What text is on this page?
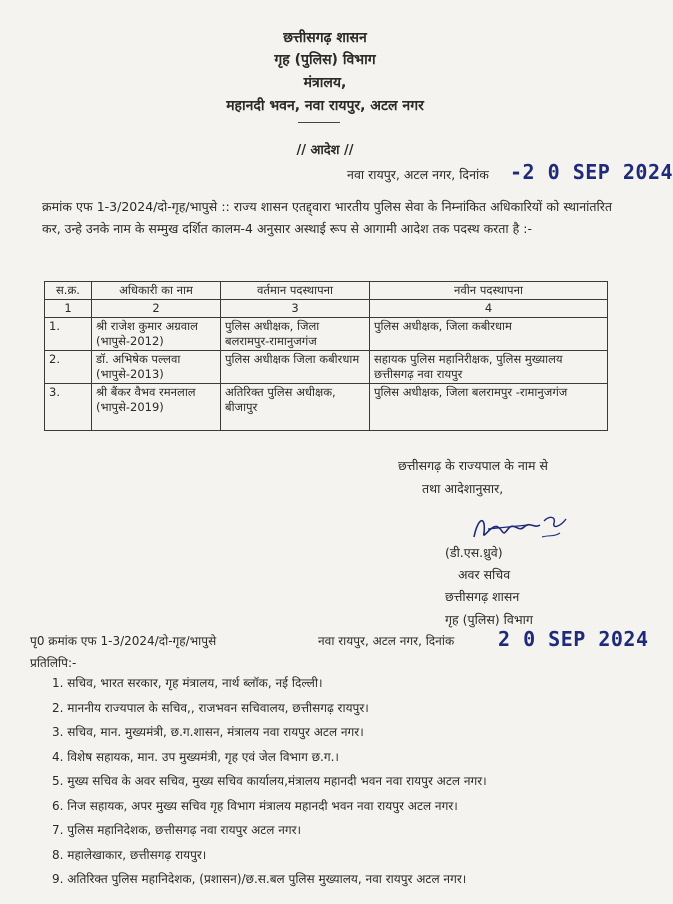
छत्तीसगढ़ शासन
गृह (पुलिस) विभाग
मंत्रालय,
महानदी भवन, नवा रायपुर, अटल नगर
// आदेश //
नवा रायपुर, अटल नगर, दिनांक -2 0 SEP 2024
क्रमांक एफ 1-3/2024/दो-गृह/भापुसे :: राज्य शासन एतद्द्वारा भारतीय पुलिस सेवा के निम्नांकित अधिकारियों को स्थानांतरित कर, उन्हे उनके नाम के सम्मुख दर्शित कालम-4 अनुसार अस्थाई रूप से आगामी आदेश तक पदस्थ करता है :-
स.क्र.	अधिकारी का नाम	वर्तमान पदस्थापना	नवीन पदस्थापना
1	2	3	4
1.	श्री राजेश कुमार अग्रवाल (भापुसे-2012)	पुलिस अधीक्षक, जिला बलरामपुर-रामानुजगंज	पुलिस अधीक्षक, जिला कबीरधाम
2.	डॉ. अभिषेक पल्लवा (भापुसे-2013)	पुलिस अधीक्षक जिला कबीरधाम	सहायक पुलिस महानिरीक्षक, पुलिस मुख्यालय छत्तीसगढ़ नवा रायपुर
3.	श्री बैंकर वैभव रमनलाल (भापुसे-2019)	अतिरिक्त पुलिस अधीक्षक, बीजापुर	पुलिस अधीक्षक, जिला बलरामपुर -रामानुजगंज
छत्तीसगढ़ के राज्यपाल के नाम से
तथा आदेशानुसार,
(डी.एस.ध्रुवे)
अवर सचिव
छत्तीसगढ़ शासन
गृह (पुलिस) विभाग
पृ0 क्रमांक एफ 1-3/2024/दो-गृह/भापुसे	नवा रायपुर, अटल नगर, दिनांक 2 0 SEP 2024
प्रतिलिपि:-
1. सचिव, भारत सरकार, गृह मंत्रालय, नार्थ ब्लॉक, नई दिल्ली।
2. माननीय राज्यपाल के सचिव,, राजभवन सचिवालय, छत्तीसगढ़ रायपुर।
3. सचिव, मान. मुख्यमंत्री, छ.ग.शासन, मंत्रालय नवा रायपुर अटल नगर।
4. विशेष सहायक, मान. उप मुख्यमंत्री, गृह एवं जेल विभाग छ.ग.।
5. मुख्य सचिव के अवर सचिव, मुख्य सचिव कार्यालय,मंत्रालय महानदी भवन नवा रायपुर अटल नगर।
6. निज सहायक, अपर मुख्य सचिव गृह विभाग मंत्रालय महानदी भवन नवा रायपुर अटल नगर।
7. पुलिस महानिदेशक, छत्तीसगढ़ नवा रायपुर अटल नगर।
8. महालेखाकार, छत्तीसगढ़ रायपुर।
9. अतिरिक्त पुलिस महानिदेशक, (प्रशासन)/छ.स.बल पुलिस मुख्यालय, नवा रायपुर अटल नगर।
